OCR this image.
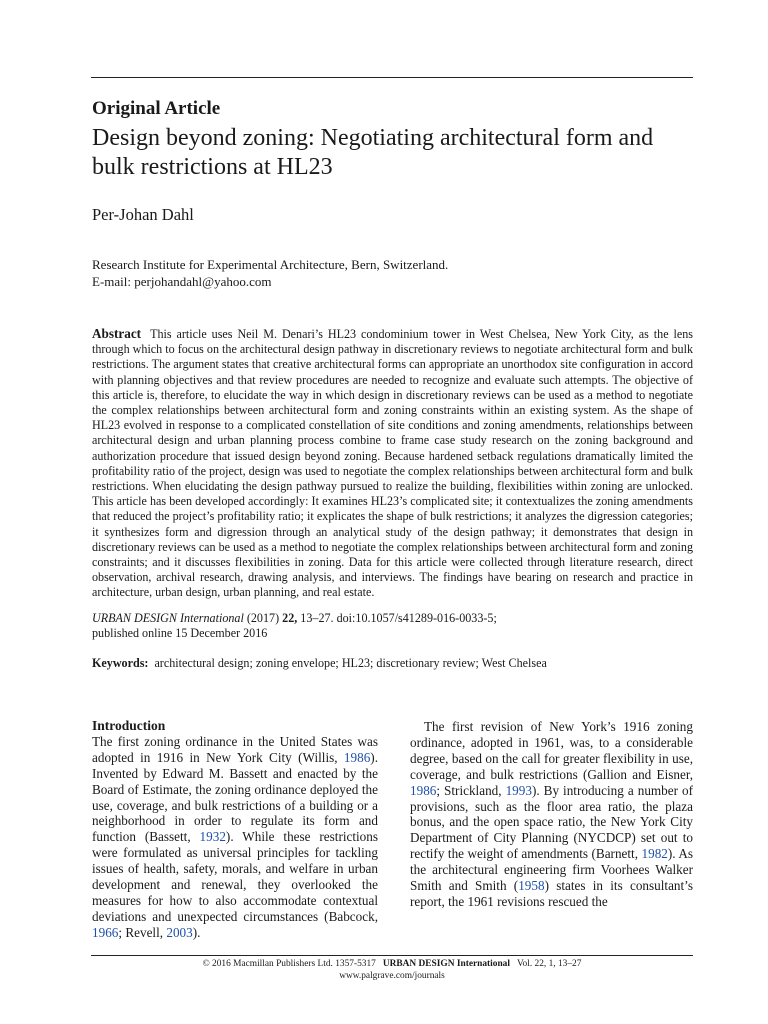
Original Article
Design beyond zoning: Negotiating architectural form and bulk restrictions at HL23
Per-Johan Dahl
Research Institute for Experimental Architecture, Bern, Switzerland.
E-mail: perjohandahl@yahoo.com
Abstract This article uses Neil M. Denari’s HL23 condominium tower in West Chelsea, New York City, as the lens through which to focus on the architectural design pathway in discretionary reviews to negotiate architectural form and bulk restrictions. The argument states that creative architectural forms can appropriate an unorthodox site configuration in accord with planning objectives and that review procedures are needed to recognize and evaluate such attempts. The objective of this article is, therefore, to elucidate the way in which design in discretionary reviews can be used as a method to negotiate the complex relationships between architectural form and zoning constraints within an existing system. As the shape of HL23 evolved in response to a complicated constellation of site conditions and zoning amendments, relationships between architectural design and urban planning process combine to frame case study research on the zoning background and authorization procedure that issued design beyond zoning. Because hardened setback regulations dramatically limited the profitability ratio of the project, design was used to negotiate the complex relationships between architectural form and bulk restrictions. When elucidating the design pathway pursued to realize the building, flexibilities within zoning are unlocked. This article has been developed accordingly: It examines HL23’s complicated site; it contextualizes the zoning amendments that reduced the project’s profitability ratio; it explicates the shape of bulk restrictions; it analyzes the digression categories; it synthesizes form and digression through an analytical study of the design pathway; it demonstrates that design in discretionary reviews can be used as a method to negotiate the complex relationships between architectural form and zoning constraints; and it discusses flexibilities in zoning. Data for this article were collected through literature research, direct observation, archival research, drawing analysis, and interviews. The findings have bearing on research and practice in architecture, urban design, urban planning, and real estate.
URBAN DESIGN International (2017) 22, 13–27. doi:10.1057/s41289-016-0033-5;
published online 15 December 2016
Keywords: architectural design; zoning envelope; HL23; discretionary review; West Chelsea

Introduction

The first zoning ordinance in the United States was adopted in 1916 in New York City (Willis, 1986). Invented by Edward M. Bassett and enacted by the Board of Estimate, the zoning ordinance deployed the use, coverage, and bulk restrictions of a building or a neighborhood in order to regulate its form and function (Bassett, 1932). While these restrictions were formulated as universal principles for tackling issues of health, safety, morals, and welfare in urban development and renewal, they overlooked the measures for how to also accommodate contextual deviations and unexpected circumstances (Babcock, 1966; Revell, 2003).

The first revision of New York’s 1916 zoning ordinance, adopted in 1961, was, to a considerable degree, based on the call for greater flexibility in use, coverage, and bulk restrictions (Gallion and Eisner, 1986; Strickland, 1993). By introducing a number of provisions, such as the floor area ratio, the plaza bonus, and the open space ratio, the New York City Department of City Planning (NYCDCP) set out to rectify the weight of amendments (Barnett, 1982). As the architectural engineering firm Voorhees Walker Smith and Smith (1958) states in its consultant’s report, the 1961 revisions rescued the

© 2016 Macmillan Publishers Ltd. 1357-5317 URBAN DESIGN International Vol. 22, 1, 13–27
www.palgrave.com/journals
